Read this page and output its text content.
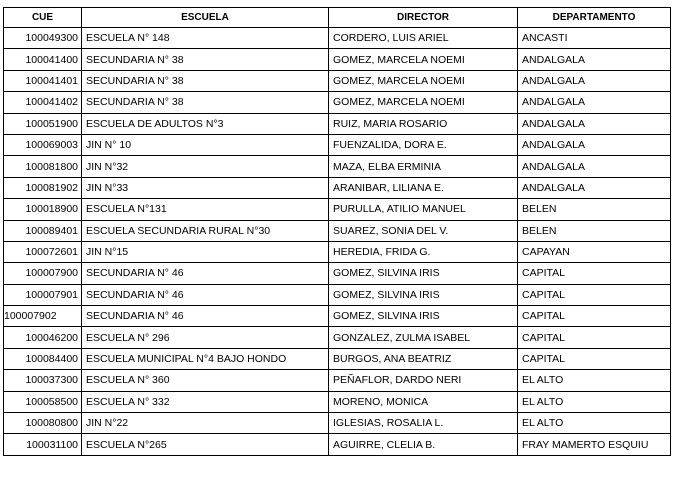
CUE	ESCUELA	DIRECTOR	DEPARTAMENTO
100049300	ESCUELA N° 148	CORDERO, LUIS ARIEL	ANCASTI
100041400	SECUNDARIA N° 38	GOMEZ, MARCELA NOEMI	ANDALGALA
100041401	SECUNDARIA N° 38	GOMEZ, MARCELA NOEMI	ANDALGALA
100041402	SECUNDARIA N° 38	GOMEZ, MARCELA NOEMI	ANDALGALA
100051900	ESCUELA DE ADULTOS N°3	RUIZ, MARIA ROSARIO	ANDALGALA
100069003	JIN N° 10	FUENZALIDA, DORA E.	ANDALGALA
100081800	JIN N°32	MAZA, ELBA ERMINIA	ANDALGALA
100081902	JIN N°33	ARANIBAR, LILIANA E.	ANDALGALA
100018900	ESCUELA N°131	PURULLA, ATILIO MANUEL	BELEN
100089401	ESCUELA SECUNDARIA RURAL N°30	SUAREZ, SONIA DEL V.	BELEN
100072601	JIN N°15	HEREDIA, FRIDA G.	CAPAYAN
100007900	SECUNDARIA N° 46	GOMEZ, SILVINA IRIS	CAPITAL
100007901	SECUNDARIA N° 46	GOMEZ, SILVINA IRIS	CAPITAL
100007902	SECUNDARIA N° 46	GOMEZ, SILVINA IRIS	CAPITAL
100046200	ESCUELA N° 296	GONZALEZ, ZULMA ISABEL	CAPITAL
100084400	ESCUELA MUNICIPAL N°4 BAJO HONDO	BURGOS, ANA BEATRIZ	CAPITAL
100037300	ESCUELA N° 360	PEÑAFLOR, DARDO NERI	EL ALTO
100058500	ESCUELA N° 332	MORENO, MONICA	EL ALTO
100080800	JIN N°22	IGLESIAS, ROSALIA L.	EL ALTO
100031100	ESCUELA N°265	AGUIRRE, CLELIA B.	FRAY MAMERTO ESQUIU
